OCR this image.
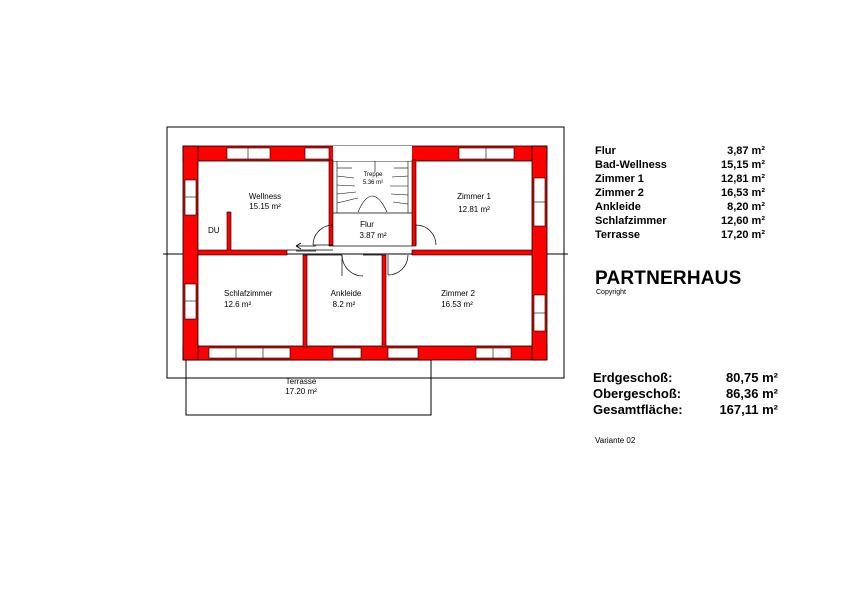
Wellness
15.15 m²
Treppe
5.36 m²
Zimmer 1
12.81 m²
Flur
3.87 m²
DU
Schlafzimmer
12.6 m²
Ankleide
8.2 m²
Zimmer 2
16.53 m²
Terrasse
17.20 m²
Flur	3,87 m²
Bad-Wellness	15,15 m²
Zimmer 1	12,81 m²
Zimmer 2	16,53 m²
Ankleide	8,20 m²
Schlafzimmer	12,60 m²
Terrasse	17,20 m²
PARTNERHAUS
Copyright
Erdgeschoß:	80,75 m²
Obergeschoß:	86,36 m²
Gesamtfläche:	167,11 m²
Variante 02
